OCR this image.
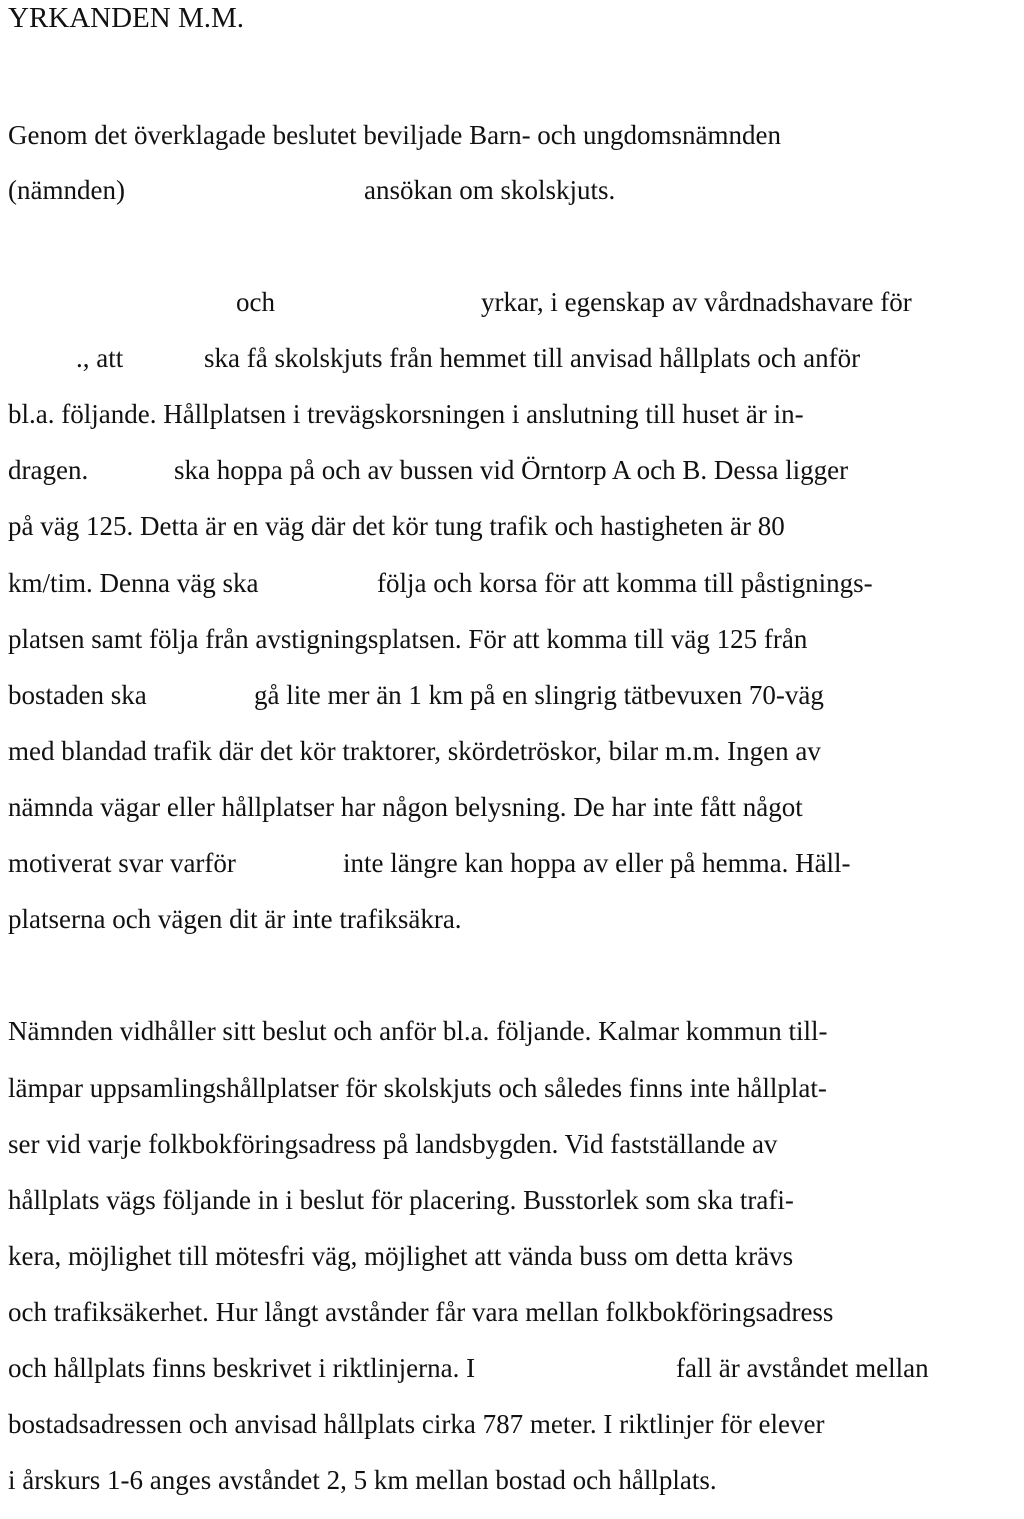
YRKANDEN M.M.

Genom det överklagade beslutet beviljade Barn- och ungdomsnämnden

(nämnden)	ansökan om skolskjuts.

och	yrkar, i egenskap av vårdnadshavare för

., att	ska få skolskjuts från hemmet till anvisad hållplats och anför

bl.a. följande. Hållplatsen i trevägskorsningen i anslutning till huset är in-

dragen.	ska hoppa på och av bussen vid Örntorp A och B. Dessa ligger

på väg 125. Detta är en väg där det kör tung trafik och hastigheten är 80

km/tim. Denna väg ska	följa och korsa för att komma till påstignings-

platsen samt följa från avstigningsplatsen. För att komma till väg 125 från

bostaden ska	gå lite mer än 1 km på en slingrig tätbevuxen 70-väg

med blandad trafik där det kör traktorer, skördetröskor, bilar m.m. Ingen av

nämnda vägar eller hållplatser har någon belysning. De har inte fått något

motiverat svar varför	inte längre kan hoppa av eller på hemma. Häll-

platserna och vägen dit är inte trafiksäkra.

Nämnden vidhåller sitt beslut och anför bl.a. följande. Kalmar kommun till-

lämpar uppsamlingshållplatser för skolskjuts och således finns inte hållplat-

ser vid varje folkbokföringsadress på landsbygden. Vid fastställande av

hållplats vägs följande in i beslut för placering. Busstorlek som ska trafi-

kera, möjlighet till mötesfri väg, möjlighet att vända buss om detta krävs

och trafiksäkerhet. Hur långt avstånder får vara mellan folkbokföringsadress

och hållplats finns beskrivet i riktlinjerna. I	fall är avståndet mellan

bostadsadressen och anvisad hållplats cirka 787 meter. I riktlinjer för elever

i årskurs 1-6 anges avståndet 2, 5 km mellan bostad och hållplats.
